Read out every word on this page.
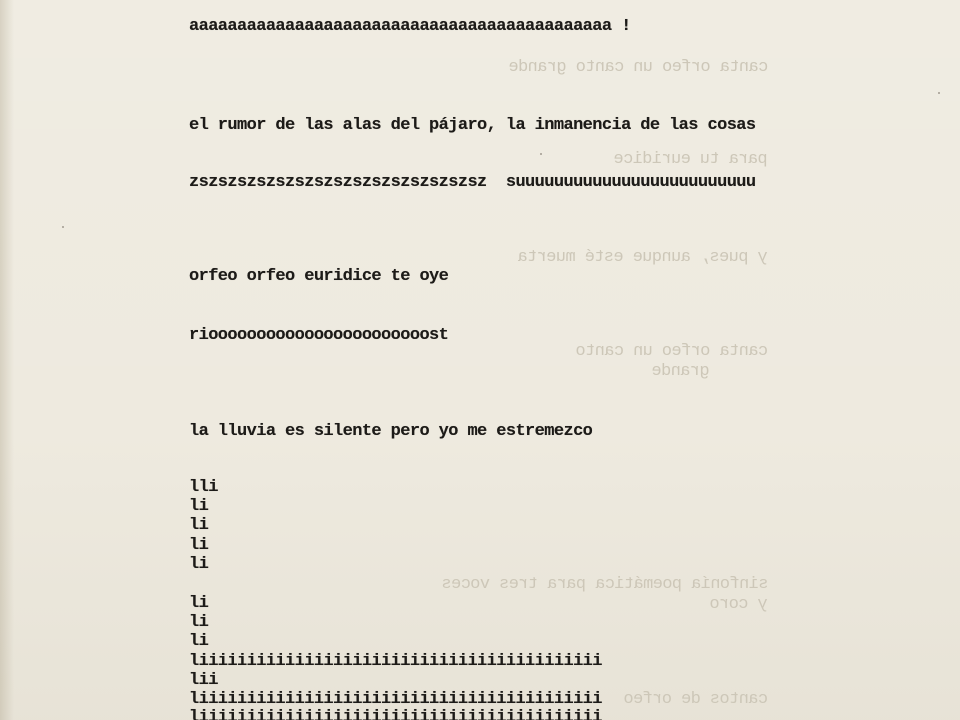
canta orfeo un canto grande
para tu euridice
y pues, aunque esté muerta
canta orfeo un canto
grande
sinfonía poemática para tres voces
y coro
cantos de orfeo
aaaaaaaaaaaaaaaaaaaaaaaaaaaaaaaaaaaaaaaaaaaa !
el rumor de las alas del pájaro, la inmanencia de las cosas
zszszszszszszszszszszszszszszsz  suuuuuuuuuuuuuuuuuuuuuuuuu
orfeo orfeo euridice te oye
riooooooooooooooooooooooost
la lluvia es silente pero yo me estremezco
lli
li
li
li
li
li
li
li
liiiiiiiiiiiiiiiiiiiiiiiiiiiiiiiiiiiiiiiiii
lii
liiiiiiiiiiiiiiiiiiiiiiiiiiiiiiiiiiiiiiiiii
liiiiiiiiiiiiiiiiiiiiiiiiiiiiiiiiiiiiiiiiii
